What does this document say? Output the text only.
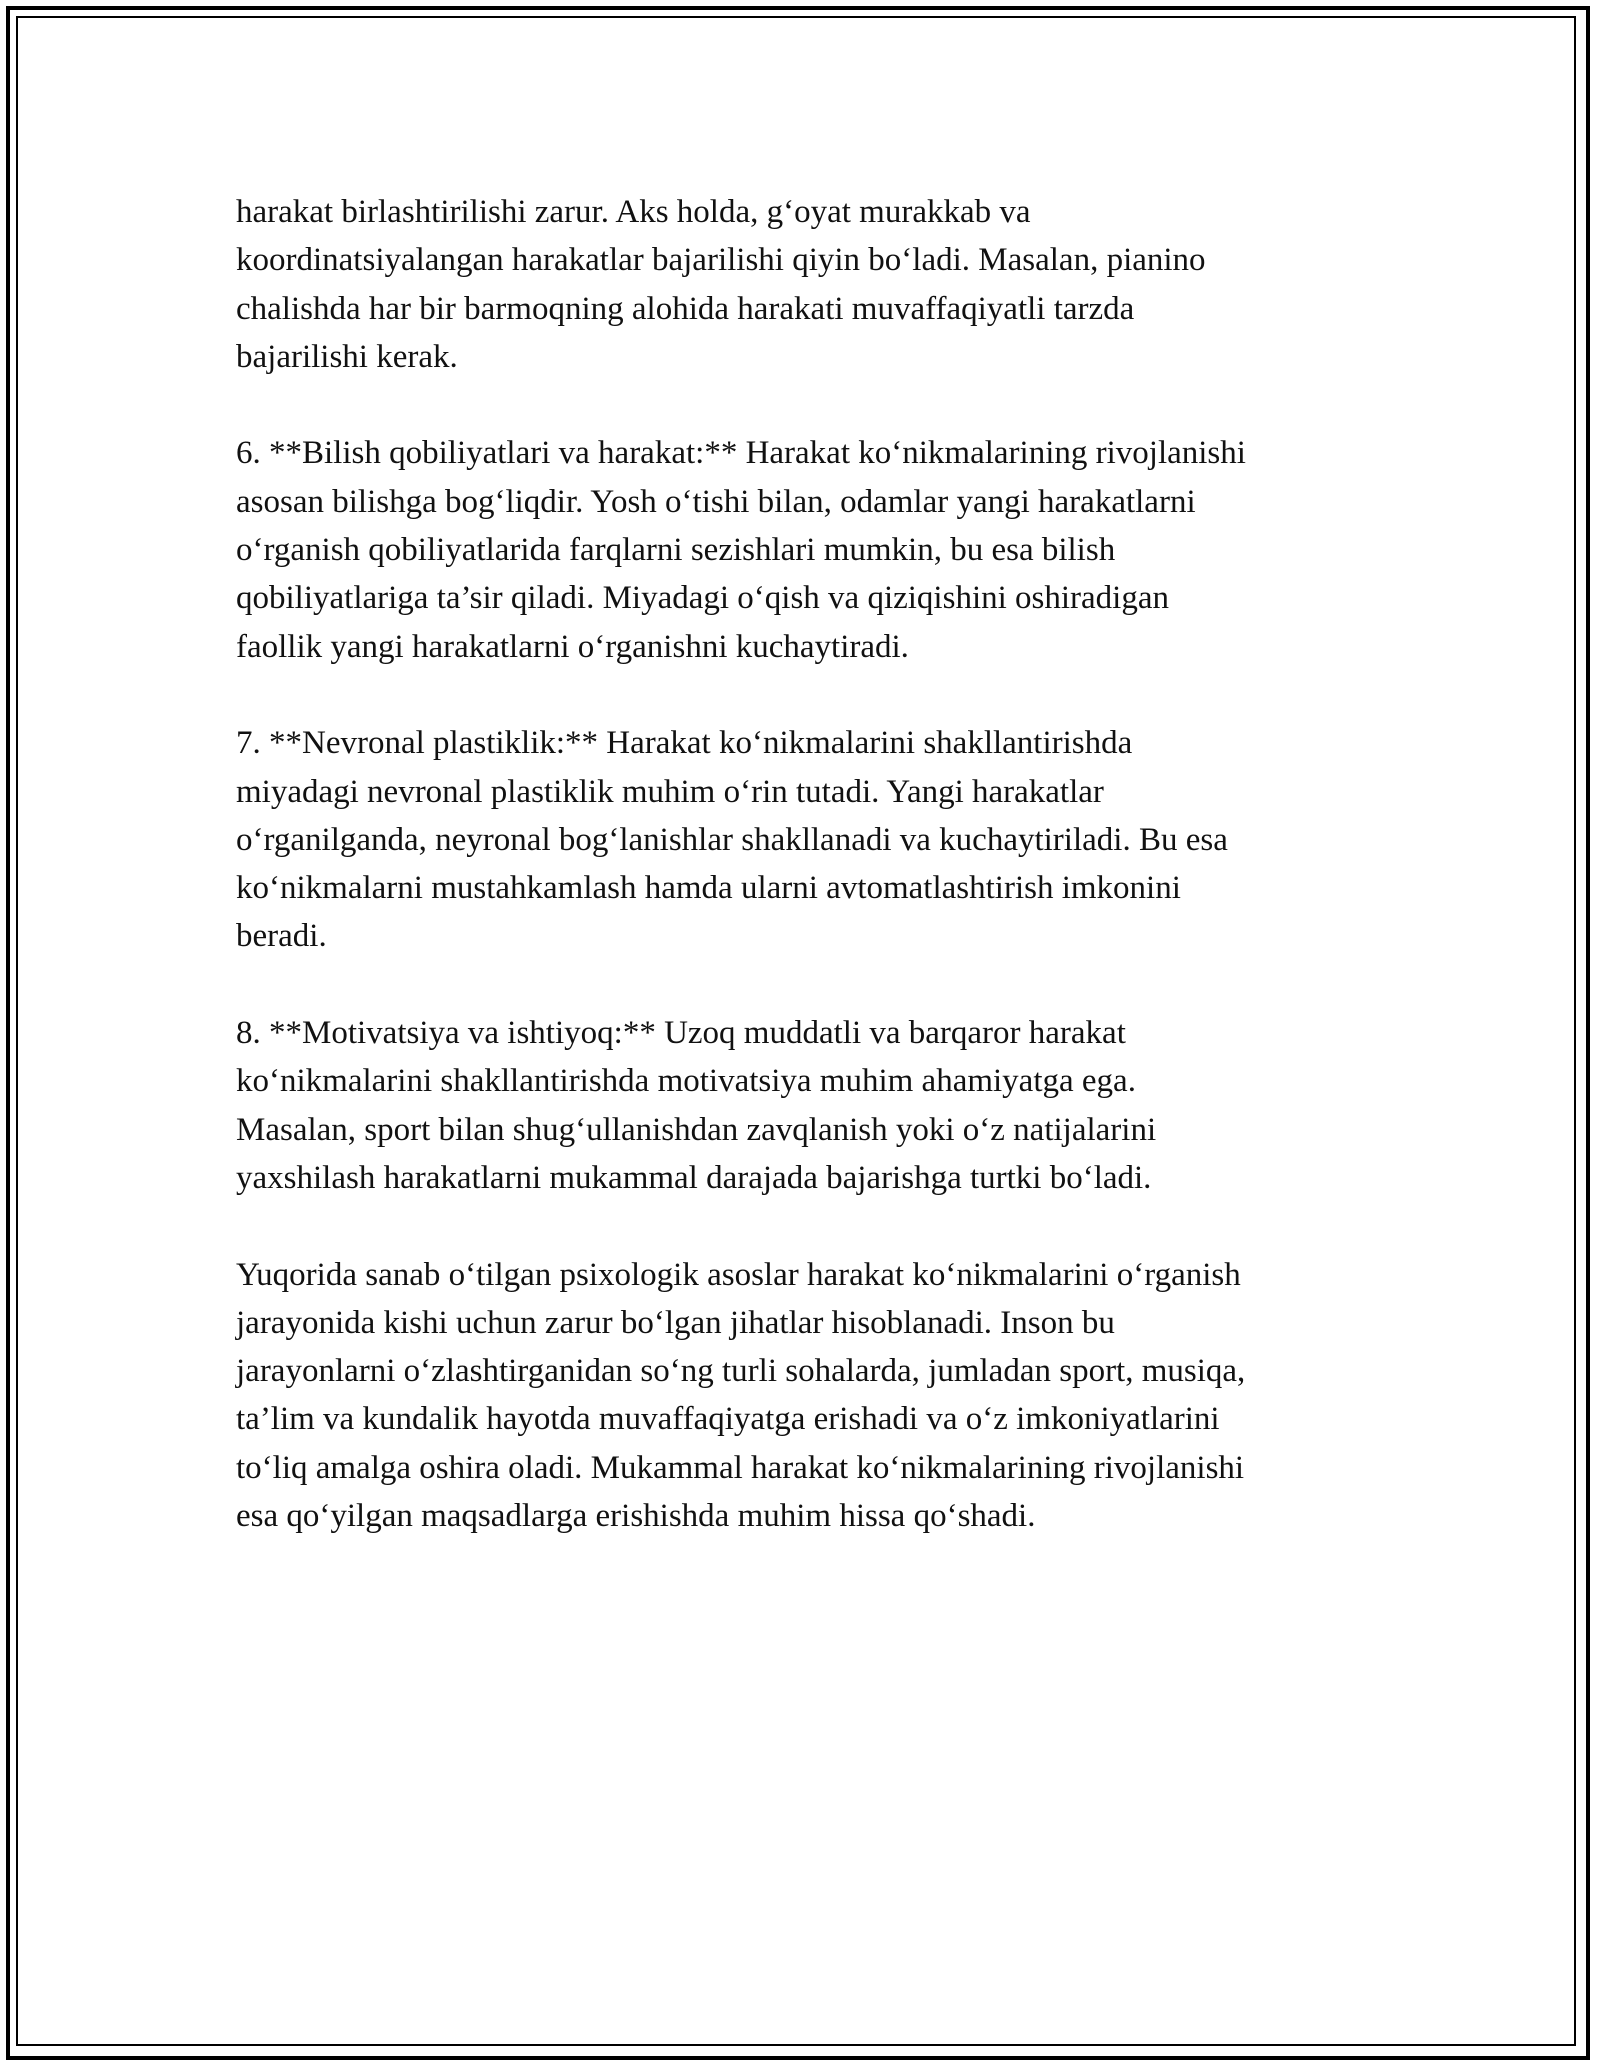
harakat birlashtirilishi zarur. Aks holda, g‘oyat murakkab va
koordinatsiyalangan harakatlar bajarilishi qiyin bo‘ladi. Masalan, pianino
chalishda har bir barmoqning alohida harakati muvaffaqiyatli tarzda
bajarilishi kerak.

6. **Bilish qobiliyatlari va harakat:** Harakat ko‘nikmalarining rivojlanishi
asosan bilishga bog‘liqdir. Yosh o‘tishi bilan, odamlar yangi harakatlarni
o‘rganish qobiliyatlarida farqlarni sezishlari mumkin, bu esa bilish
qobiliyatlariga ta’sir qiladi. Miyadagi o‘qish va qiziqishini oshiradigan
faollik yangi harakatlarni o‘rganishni kuchaytiradi.

7. **Nevronal plastiklik:** Harakat ko‘nikmalarini shakllantirishda
miyadagi nevronal plastiklik muhim o‘rin tutadi. Yangi harakatlar
o‘rganilganda, neyronal bog‘lanishlar shakllanadi va kuchaytiriladi. Bu esa
ko‘nikmalarni mustahkamlash hamda ularni avtomatlashtirish imkonini
beradi.

8. **Motivatsiya va ishtiyoq:** Uzoq muddatli va barqaror harakat
ko‘nikmalarini shakllantirishda motivatsiya muhim ahamiyatga ega.
Masalan, sport bilan shug‘ullanishdan zavqlanish yoki o‘z natijalarini
yaxshilash harakatlarni mukammal darajada bajarishga turtki bo‘ladi.

Yuqorida sanab o‘tilgan psixologik asoslar harakat ko‘nikmalarini o‘rganish
jarayonida kishi uchun zarur bo‘lgan jihatlar hisoblanadi. Inson bu
jarayonlarni o‘zlashtirganidan so‘ng turli sohalarda, jumladan sport, musiqa,
ta’lim va kundalik hayotda muvaffaqiyatga erishadi va o‘z imkoniyatlarini
to‘liq amalga oshira oladi. Mukammal harakat ko‘nikmalarining rivojlanishi
esa qo‘yilgan maqsadlarga erishishda muhim hissa qo‘shadi.
